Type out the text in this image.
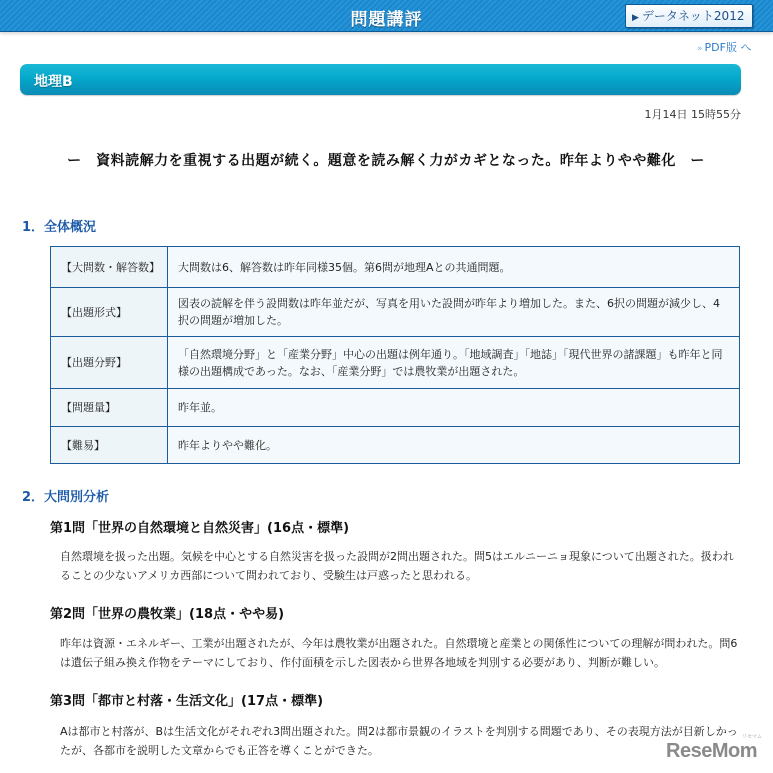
問題講評	▶ データネット2012
» PDF版 へ
地理B
1月14日 15時55分
ー　資料読解力を重視する出題が続く。題意を読み解く力がカギとなった。昨年よりやや難化　ー
1．全体概況
【大問数・解答数】	大問数は6、解答数は昨年同様35個。第6問が地理Aとの共通問題。
【出題形式】	図表の読解を伴う設問数は昨年並だが、写真を用いた設問が昨年より増加した。また、6択の問題が減少し、4択の問題が増加した。
【出題分野】	「自然環境分野」と「産業分野」中心の出題は例年通り。「地域調査」「地誌」「現代世界の諸課題」も昨年と同様の出題構成であった。なお、「産業分野」では農牧業が出題された。
【問題量】	昨年並。
【難易】	昨年よりやや難化。
2．大問別分析
第1問「世界の自然環境と自然災害」(16点・標準)
自然環境を扱った出題。気候を中心とする自然災害を扱った設問が2問出題された。問5はエルニーニョ現象について出題された。扱われることの少ないアメリカ西部について問われており、受験生は戸惑ったと思われる。
第2問「世界の農牧業」(18点・やや易)
昨年は資源・エネルギー、工業が出題されたが、今年は農牧業が出題された。自然環境と産業との関係性についての理解が問われた。問6は遺伝子組み換え作物をテーマにしており、作付面積を示した図表から世界各地域を判別する必要があり、判断が難しい。
第3問「都市と村落・生活文化」(17点・標準)
Aは都市と村落が、Bは生活文化がそれぞれ3問出題された。問2は都市景観のイラストを判別する問題であり、その表現方法が目新しかったが、各都市を説明した文章からでも正答を導くことができた。	ReseMom
リセマム
